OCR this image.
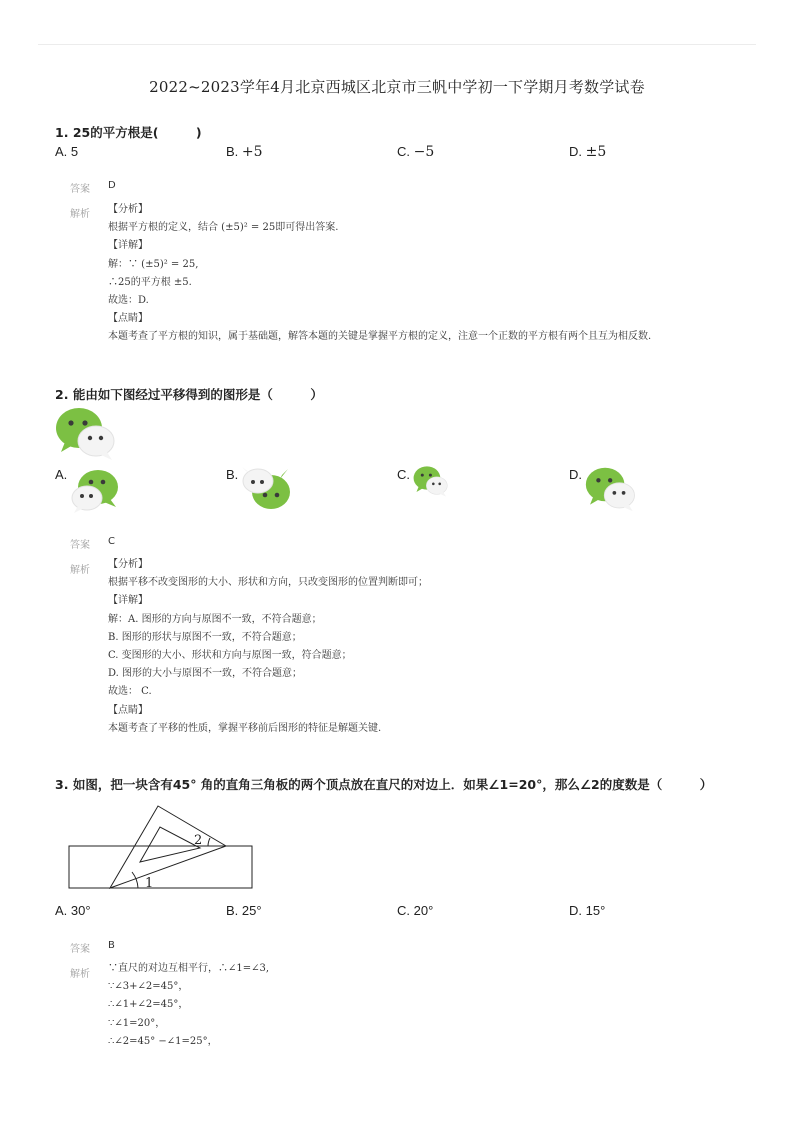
2022~2023学年4月北京西城区北京市三帆中学初一下学期月考数学试卷
1. 25的平方根是(　　　)
A. 5	B. +5	C. −5	D. ±5
答案 D
解析 【分析】
根据平方根的定义，结合 (±5)² = 25即可得出答案.
【详解】
解：∵ (±5)² = 25,
∴25的平方根 ±5.
故选：D.
【点睛】
本题考查了平方根的知识，属于基础题，解答本题的关键是掌握平方根的定义，注意一个正数的平方根有两个且互为相反数.
2. 能由如下图经过平移得到的图形是（　　　）
A.	B.	C.	D.
答案 C
解析
【分析】
根据平移不改变图形的大小、形状和方向，只改变图形的位置判断即可；
【详解】
解：A. 图形的方向与原图不一致，不符合题意；
B. 图形的形状与原图不一致，不符合题意；
C. 变图形的大小、形状和方向与原图一致，符合题意；
D. 图形的大小与原图不一致，不符合题意；
故选： C.
【点睛】
本题考查了平移的性质，掌握平移前后图形的特征是解题关键.
3. 如图，把一块含有45° 角的直角三角板的两个顶点放在直尺的对边上．如果∠1=20°，那么∠2的度数是（　　　）
1
2
A. 30°	B. 25°	C. 20°	D. 15°
答案 B
解析
∵直尺的对边互相平行，∴∠1=∠3,
∵∠3+∠2=45°，
∴∠1+∠2=45°，
∵∠1=20°，
∴∠2=45° −∠1=25°，
